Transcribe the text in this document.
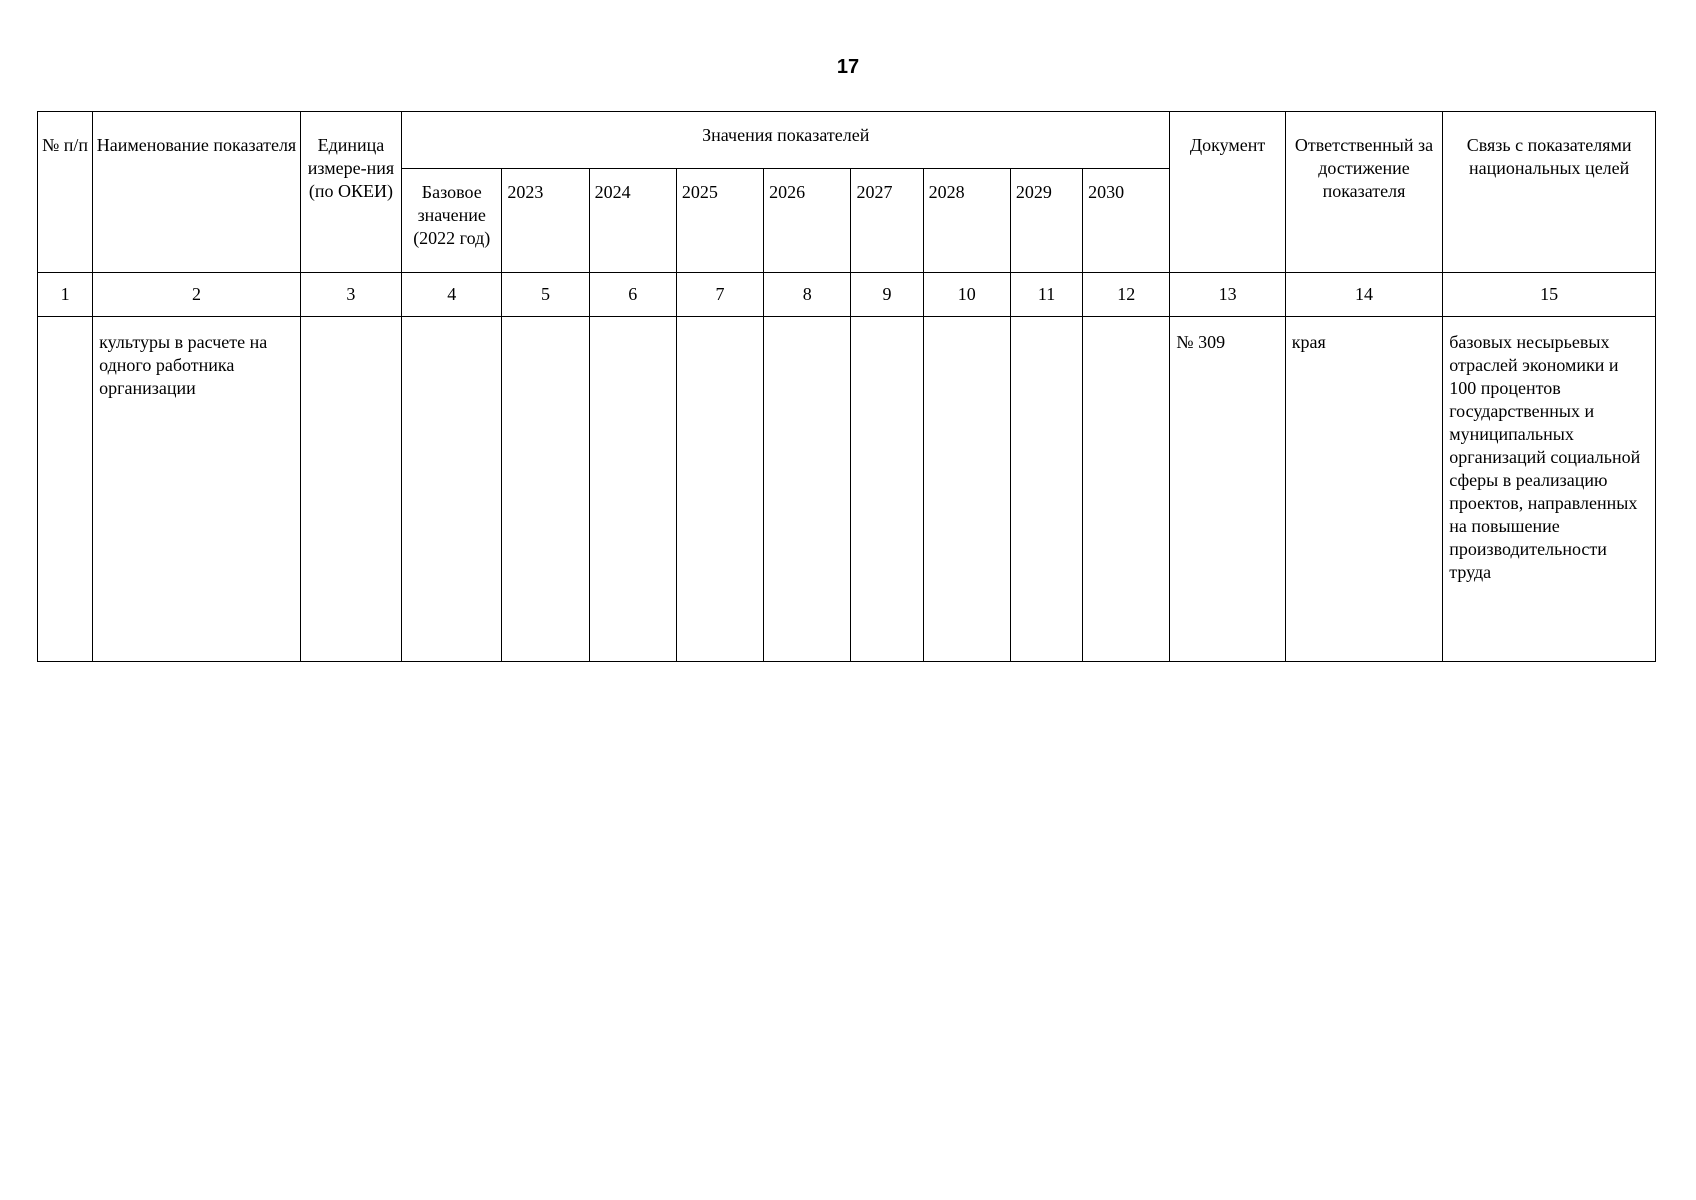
17
№ п/п	Наименование показателя	Единица измере-ния (по ОКЕИ)	Значения показателей									Документ	Ответственный за достижение показателя	Связь с показателями национальных целей
			Базовое значение (2022 год)	2023	2024	2025	2026	2027	2028	2029	2030			
1	2	3	4	5	6	7	8	9	10	11	12	13	14	15
	культуры в расчете на одного работника организации											№ 309	края	базовых несырьевых отраслей экономики и 100 процентов государственных и муниципальных организаций социальной сферы в реализацию проектов, направленных на повышение производительности труда
